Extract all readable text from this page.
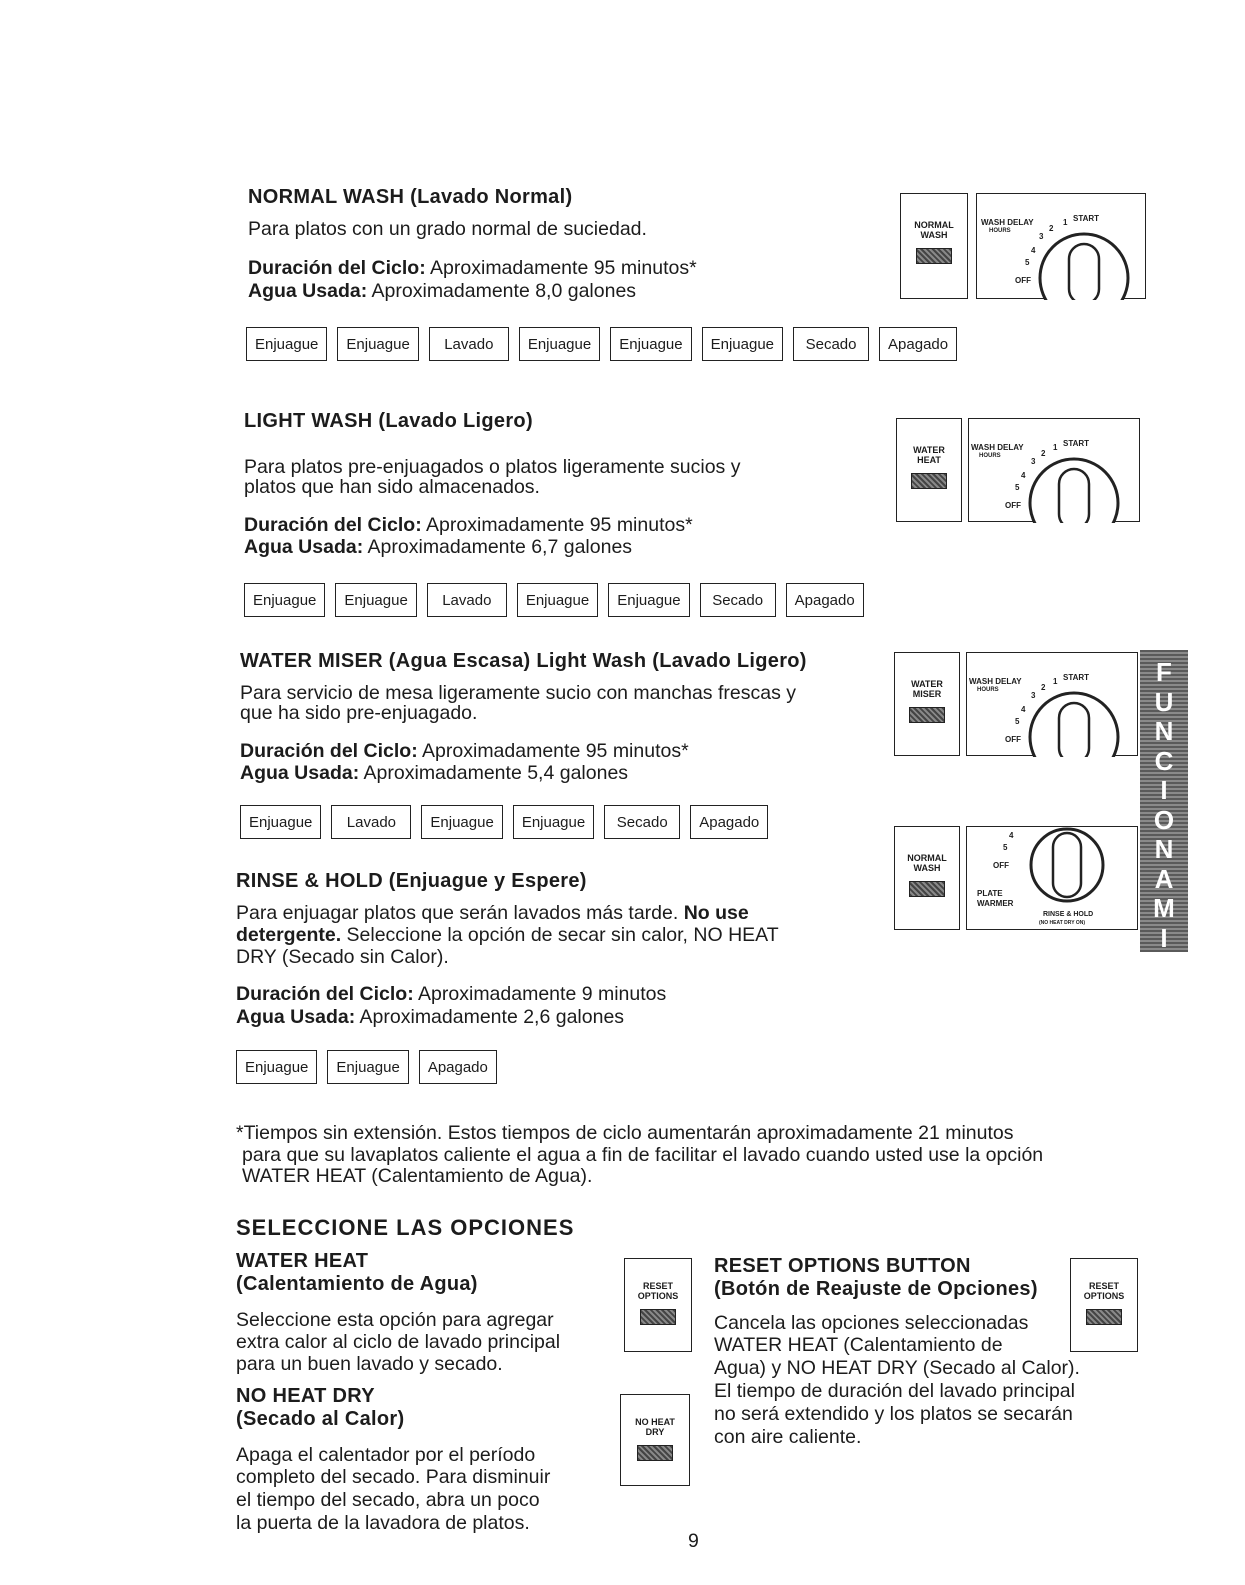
NORMAL WASH (Lavado Normal)
Para platos con un grado normal de suciedad.
Duración del Ciclo: Aproximadamente 95 minutos*
Agua Usada: Aproximadamente 8,0 galones
Enjuague	Enjuague	Lavado	Enjuague	Enjuague	Enjuague	Secado	Apagado
NORMAL WASH
WASH DELAY
HOURS
START
1
2
3
4
5
OFF
LIGHT WASH (Lavado Ligero)
Para platos pre-enjuagados o platos ligeramente sucios y
platos que han sido almacenados.
Duración del Ciclo: Aproximadamente 95 minutos*
Agua Usada: Aproximadamente 6,7 galones
Enjuague	Enjuague	Lavado	Enjuague	Enjuague	Secado	Apagado
WATER HEAT
WASH DELAY
HOURS
START
1
2
3
4
5
OFF
WATER MISER (Agua Escasa) Light Wash (Lavado Ligero)
Para servicio de mesa ligeramente sucio con manchas frescas y
que ha sido pre-enjuagado.
Duración del Ciclo: Aproximadamente 95 minutos*
Agua Usada: Aproximadamente 5,4 galones
Enjuague	Lavado	Enjuague	Enjuague	Secado	Apagado
WATER MISER
WASH DELAY
HOURS
START
1
2
3
4
5
OFF
RINSE & HOLD (Enjuague y Espere)
Para enjuagar platos que serán lavados más tarde. No use
detergente. Seleccione la opción de secar sin calor, NO HEAT
DRY (Secado sin Calor).
Duración del Ciclo: Aproximadamente 9 minutos
Agua Usada: Aproximadamente 2,6 galones
Enjuague	Enjuague	Apagado
NORMAL WASH
4
5
OFF
PLATE WARMER
RINSE & HOLD
(NO HEAT DRY ON)
F
U
N
C
I
O
N
A
M
I
E
N
T
O
*Tiempos sin extensión. Estos tiempos de ciclo aumentarán aproximadamente 21 minutos
para que su lavaplatos caliente el agua a fin de facilitar el lavado cuando usted use la opción
WATER HEAT (Calentamiento de Agua).
SELECCIONE LAS OPCIONES
WATER HEAT
(Calentamiento de Agua)
Seleccione esta opción para agregar
extra calor al ciclo de lavado principal
para un buen lavado y secado.
RESET OPTIONS
NO HEAT DRY
(Secado al Calor)
Apaga el calentador por el período
completo del secado. Para disminuir
el tiempo del secado, abra un poco
la puerta de la lavadora de platos.
NO HEAT DRY
RESET OPTIONS BUTTON
(Botón de Reajuste de Opciones)
Cancela las opciones seleccionadas
WATER HEAT (Calentamiento de
Agua) y NO HEAT DRY (Secado al Calor).
El tiempo de duración del lavado principal
no será extendido y los platos se secarán
con aire caliente.
RESET OPTIONS
9
